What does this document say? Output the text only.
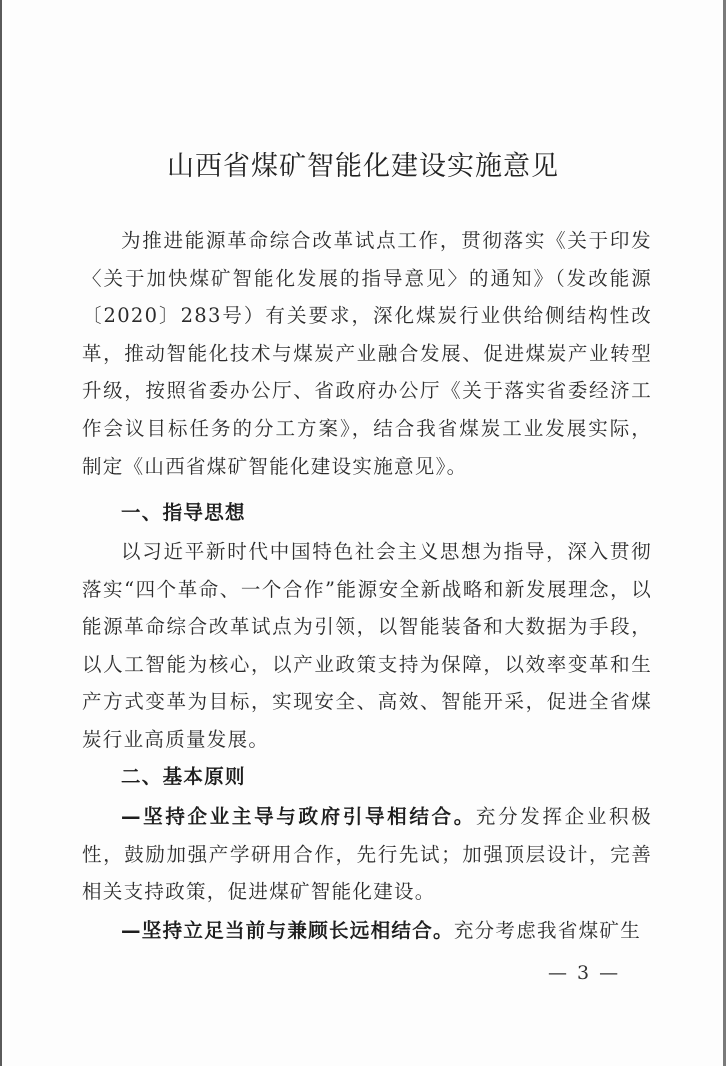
山西省煤矿智能化建设实施意见

为推进能源革命综合改革试点工作，贯彻落实《关于印发〈关于加快煤矿智能化发展的指导意见〉的通知》（发改能源〔2020〕283号）有关要求，深化煤炭行业供给侧结构性改革，推动智能化技术与煤炭产业融合发展、促进煤炭产业转型升级，按照省委办公厅、省政府办公厅《关于落实省委经济工作会议目标任务的分工方案》，结合我省煤炭工业发展实际，制定《山西省煤矿智能化建设实施意见》。

一、指导思想

以习近平新时代中国特色社会主义思想为指导，深入贯彻落实“四个革命、一个合作”能源安全新战略和新发展理念，以能源革命综合改革试点为引领，以智能装备和大数据为手段，以人工智能为核心，以产业政策支持为保障，以效率变革和生产方式变革为目标，实现安全、高效、智能开采，促进全省煤炭行业高质量发展。

二、基本原则

—坚持企业主导与政府引导相结合。充分发挥企业积极性，鼓励加强产学研用合作，先行先试；加强顶层设计，完善相关支持政策，促进煤矿智能化建设。

—坚持立足当前与兼顾长远相结合。充分考虑我省煤矿生

— 3 —
